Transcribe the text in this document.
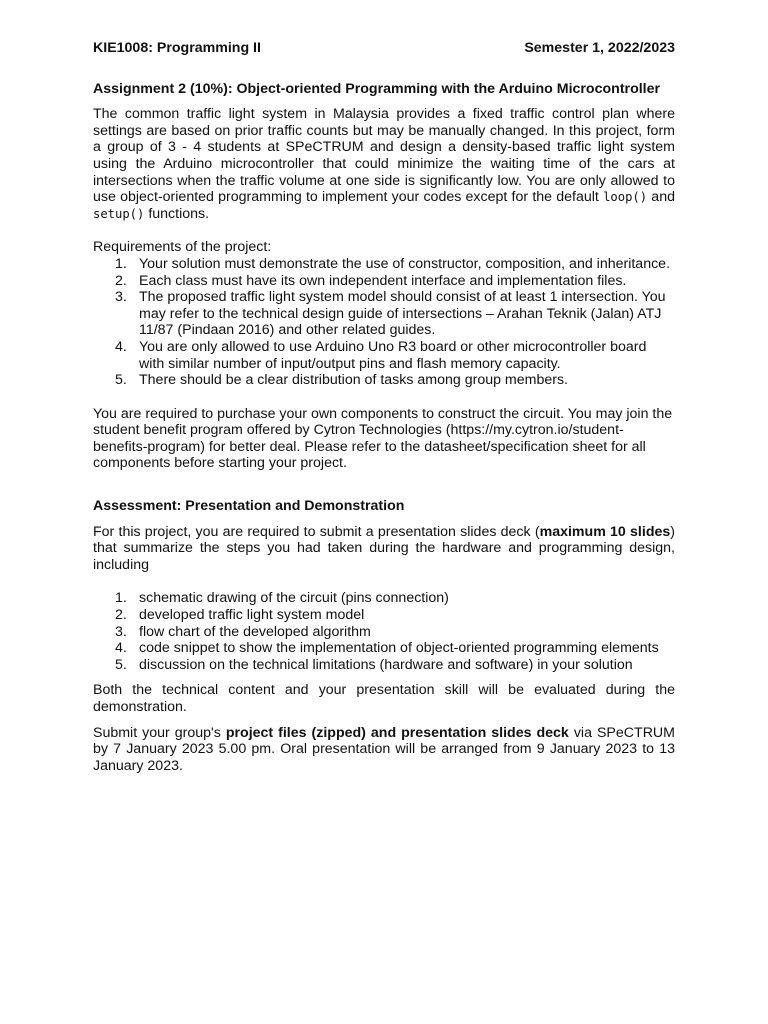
KIE1008: Programming II	Semester 1, 2022/2023
Assignment 2 (10%): Object-oriented Programming with the Arduino Microcontroller

The common traffic light system in Malaysia provides a fixed traffic control plan where settings are based on prior traffic counts but may be manually changed. In this project, form a group of 3 - 4 students at SPeCTRUM and design a density-based traffic light system using the Arduino microcontroller that could minimize the waiting time of the cars at intersections when the traffic volume at one side is significantly low. You are only allowed to use object-oriented programming to implement your codes except for the default loop() and setup() functions.

Requirements of the project:

1. Your solution must demonstrate the use of constructor, composition, and inheritance.
2. Each class must have its own independent interface and implementation files.
3. The proposed traffic light system model should consist of at least 1 intersection. You may refer to the technical design guide of intersections – Arahan Teknik (Jalan) ATJ 11/87 (Pindaan 2016) and other related guides.
4. You are only allowed to use Arduino Uno R3 board or other microcontroller board with similar number of input/output pins and flash memory capacity.
5. There should be a clear distribution of tasks among group members.

You are required to purchase your own components to construct the circuit. You may join the student benefit program offered by Cytron Technologies (https://my.cytron.io/student-benefits-program) for better deal. Please refer to the datasheet/specification sheet for all components before starting your project.

Assessment: Presentation and Demonstration

For this project, you are required to submit a presentation slides deck (maximum 10 slides) that summarize the steps you had taken during the hardware and programming design, including

1. schematic drawing of the circuit (pins connection)
2. developed traffic light system model
3. flow chart of the developed algorithm
4. code snippet to show the implementation of object-oriented programming elements
5. discussion on the technical limitations (hardware and software) in your solution

Both the technical content and your presentation skill will be evaluated during the demonstration.

Submit your group's project files (zipped) and presentation slides deck via SPeCTRUM by 7 January 2023 5.00 pm. Oral presentation will be arranged from 9 January 2023 to 13 January 2023.
